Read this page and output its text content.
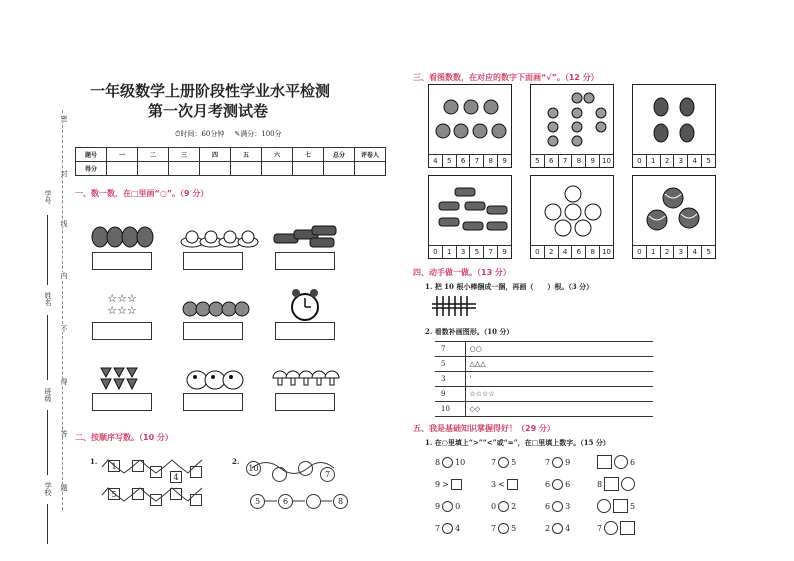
密
封
线
内
不
得
答
题
学号
姓名
班级
学校
一年级数学上册阶段性学业水平检测
第一次月考测试卷
⏱时间：60分钟 ✎满分：100分
题号	一	二	三	四	五	六	七	总分	评卷人
得分									
一、数一数，在□里画“○”。（9 分）
☆☆☆
☆☆☆
二、按顺序写数。（10 分）
1.
1
4
5
2.
10
7
5	6	8
三、看图数数，在对应的数字下面画“√”。（12 分）
4	5	6	7	8	9	5	6	7	8	9	10	0	1	2	3	4	5
0	1	3	5	7	9	0	2	4	6	8	10	0	1	2	3	4	5
四、动手做一做。（13 分）
1. 把 10 根小棒捆成一捆，再画（　　）根。（3 分）
2. 看数补画图形。（10 分）
7	○○
5	△△△
3	'
9	☆☆☆☆
10	◇◇
五、我是基础知识掌握得好！（29 分）
1. 在○里填上“>”“<”或“=”，在□里填上数字。（15 分）
8 10	7 5	7 9	6
9 >	3 <	6 6	8
9 0	0 2	6 3	5
7 4	7 5	2 4	7
